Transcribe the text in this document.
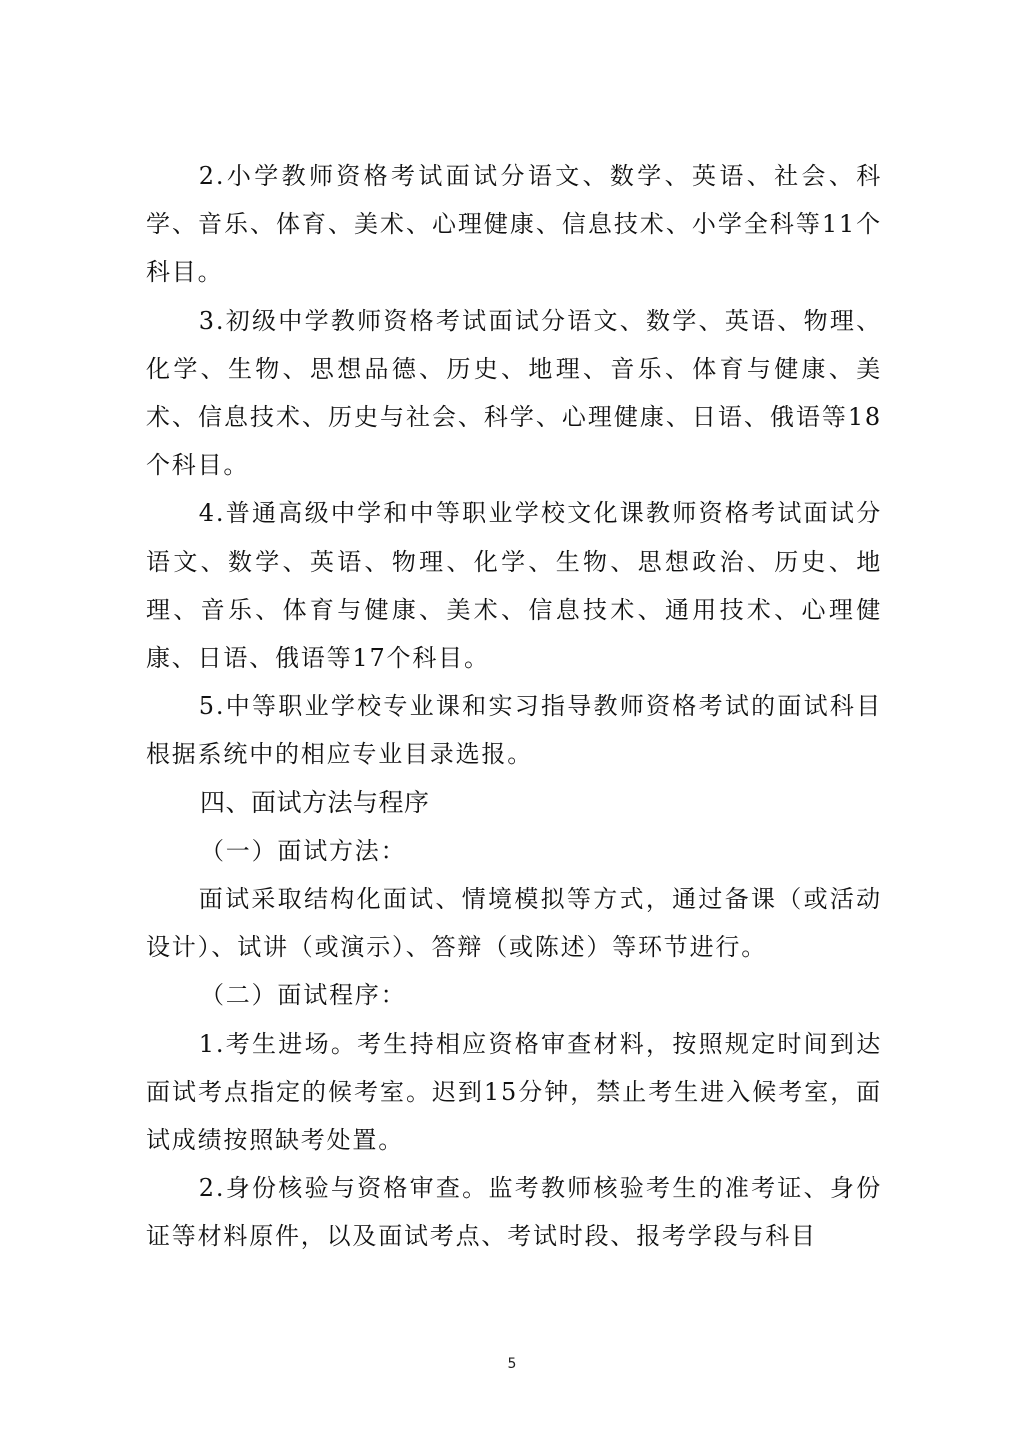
2.小学教师资格考试面试分语文、数学、英语、社会、科学、音乐、体育、美术、心理健康、信息技术、小学全科等11个科目。

3.初级中学教师资格考试面试分语文、数学、英语、物理、化学、生物、思想品德、历史、地理、音乐、体育与健康、美术、信息技术、历史与社会、科学、心理健康、日语、俄语等18个科目。

4.普通高级中学和中等职业学校文化课教师资格考试面试分语文、数学、英语、物理、化学、生物、思想政治、历史、地理、音乐、体育与健康、美术、信息技术、通用技术、心理健康、日语、俄语等17个科目。

5.中等职业学校专业课和实习指导教师资格考试的面试科目根据系统中的相应专业目录选报。

四、面试方法与程序

（一）面试方法：

面试采取结构化面试、情境模拟等方式，通过备课（或活动设计）、试讲（或演示）、答辩（或陈述）等环节进行。

（二）面试程序：

1.考生进场。考生持相应资格审查材料，按照规定时间到达面试考点指定的候考室。迟到15分钟，禁止考生进入候考室，面试成绩按照缺考处置。

2.身份核验与资格审查。监考教师核验考生的准考证、身份证等材料原件，以及面试考点、考试时段、报考学段与科目

5
